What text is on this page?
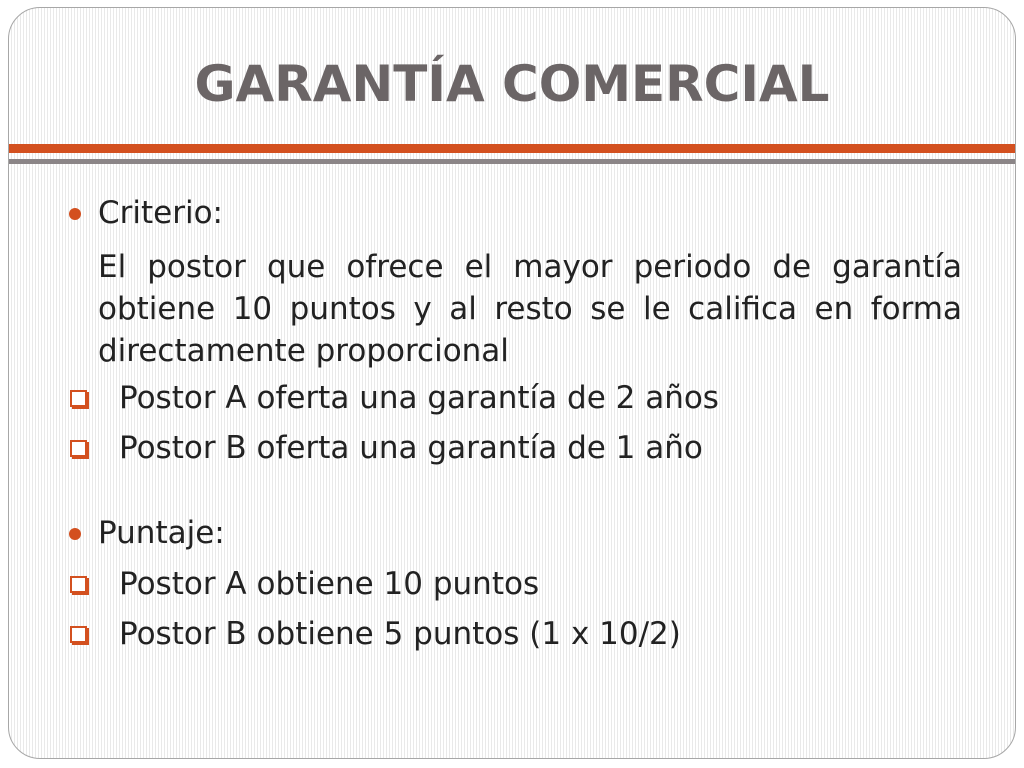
GARANTÍA COMERCIAL
Criterio:
El postor que ofrece el mayor periodo de garantía obtiene 10 puntos y al resto se le califica en forma directamente proporcional
Postor A oferta una garantía de 2 años
Postor B oferta una garantía de 1 año
Puntaje:
Postor A obtiene 10 puntos
Postor B obtiene 5 puntos (1 x 10/2)
